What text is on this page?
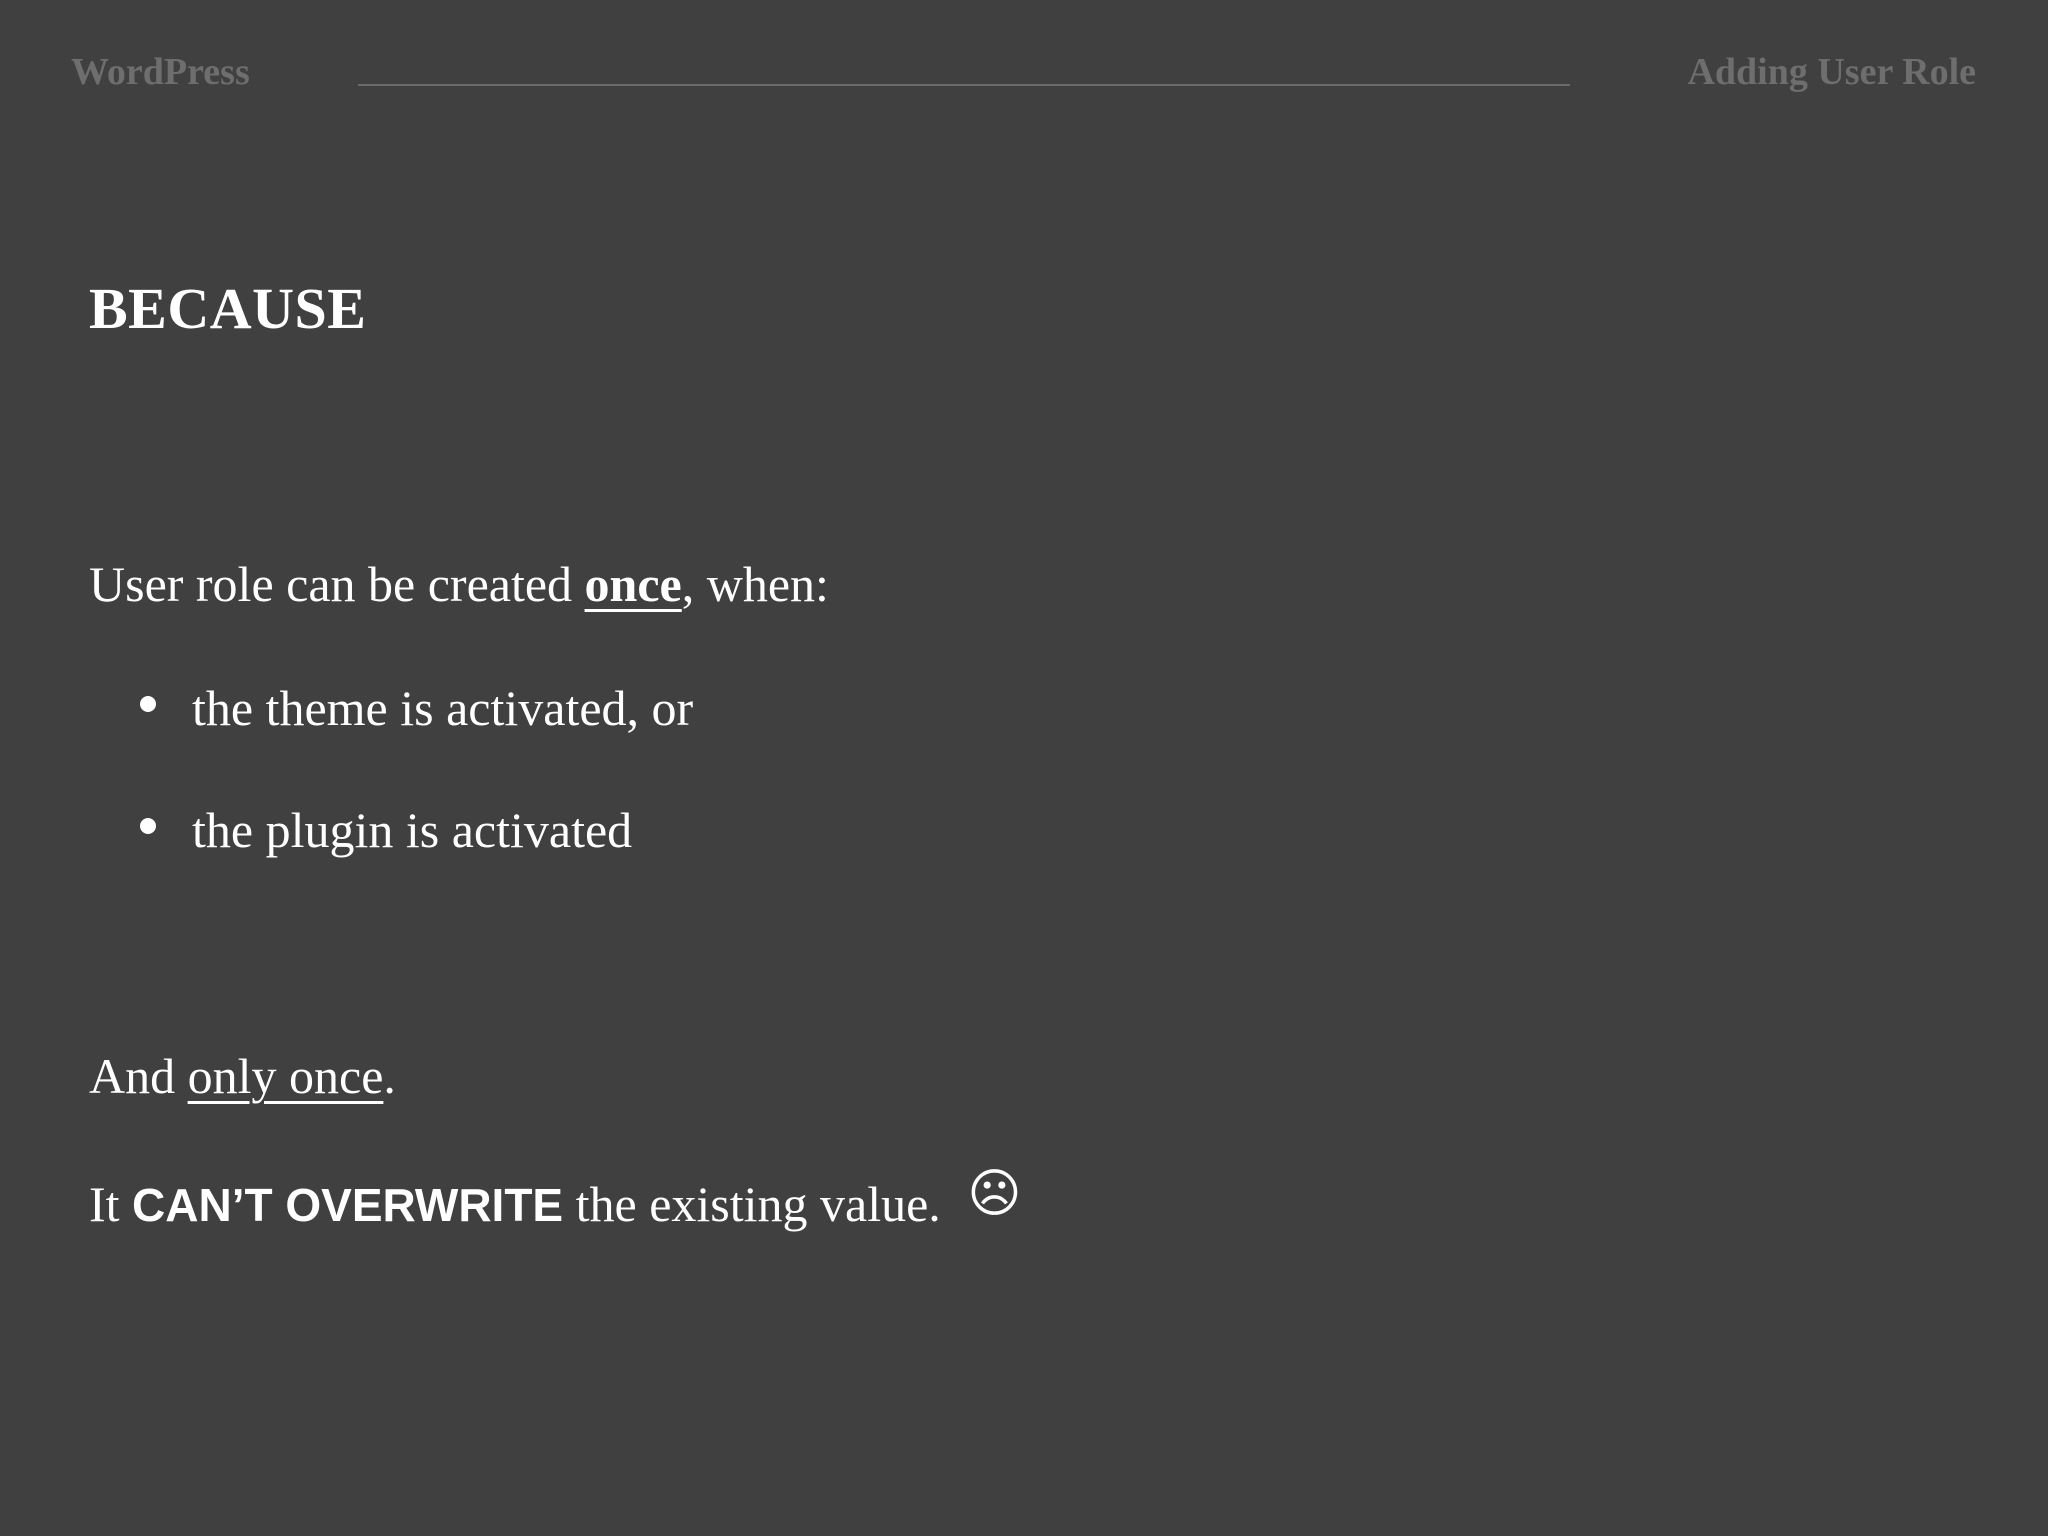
WordPress	Adding User Role
BECAUSE
User role can be created once, when:
the theme is activated, or
the plugin is activated
And only once.
It CAN’T OVERWRITE the existing value. ☹
